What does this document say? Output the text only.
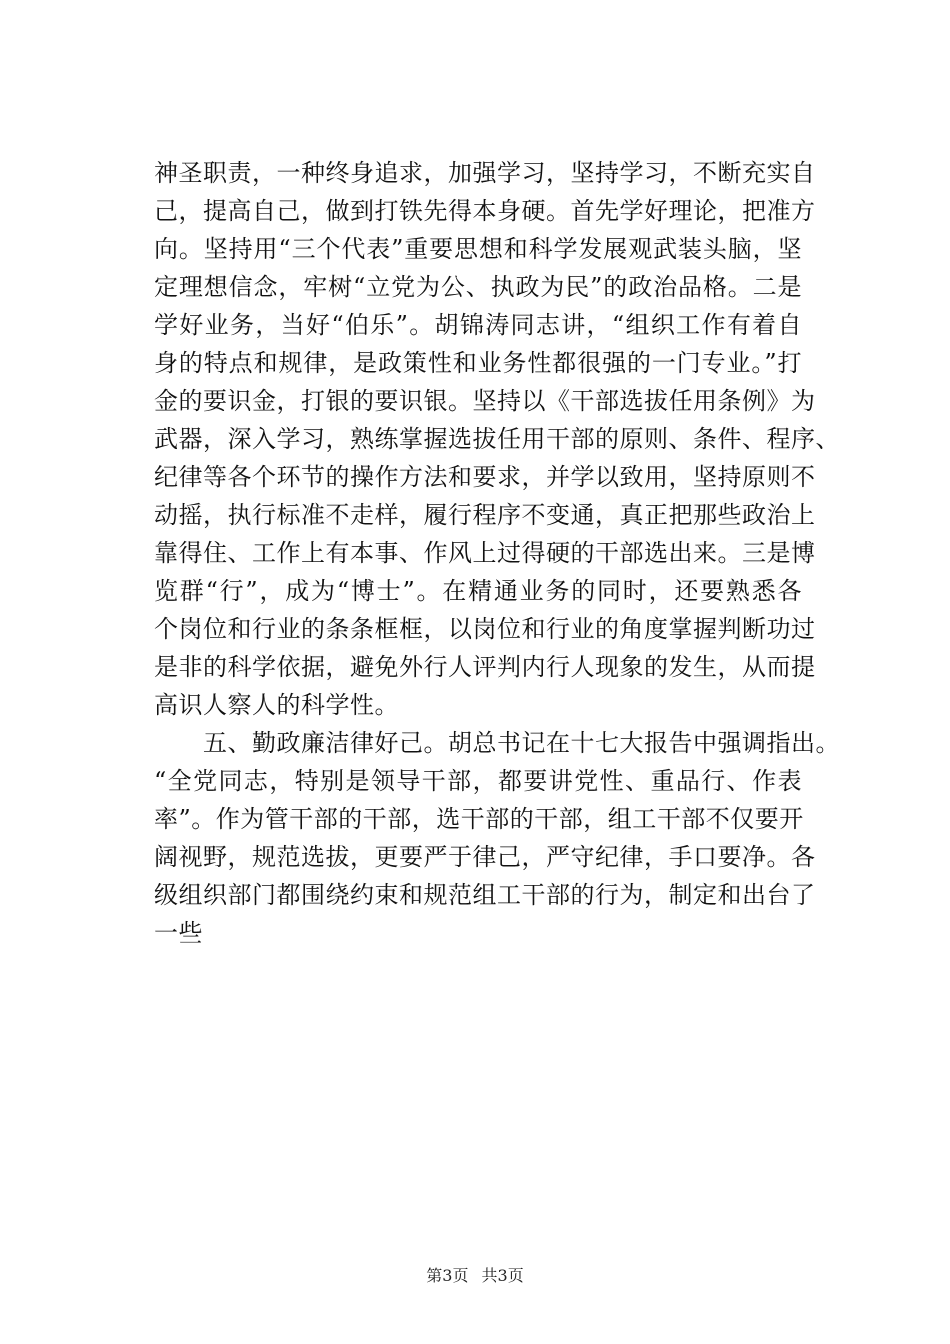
神圣职责，一种终身追求，加强学习，坚持学习，不断充实自
己，提高自己，做到打铁先得本身硬。首先学好理论，把准方
向。坚持用“三个代表”重要思想和科学发展观武装头脑，坚
定理想信念，牢树“立党为公、执政为民”的政治品格。二是
学好业务，当好“伯乐”。胡锦涛同志讲，“组织工作有着自
身的特点和规律，是政策性和业务性都很强的一门专业。”打
金的要识金，打银的要识银。坚持以《干部选拔任用条例》为
武器，深入学习，熟练掌握选拔任用干部的原则、条件、程序、
纪律等各个环节的操作方法和要求，并学以致用，坚持原则不
动摇，执行标准不走样，履行程序不变通，真正把那些政治上
靠得住、工作上有本事、作风上过得硬的干部选出来。三是博
览群“行”，成为“博士”。在精通业务的同时，还要熟悉各
个岗位和行业的条条框框，以岗位和行业的角度掌握判断功过
是非的科学依据，避免外行人评判内行人现象的发生，从而提
高识人察人的科学性。
　　五、勤政廉洁律好己。胡总书记在十七大报告中强调指出。
“全党同志，特别是领导干部，都要讲党性、重品行、作表
率”。作为管干部的干部，选干部的干部，组工干部不仅要开
阔视野，规范选拔，更要严于律己，严守纪律，手口要净。各
级组织部门都围绕约束和规范组工干部的行为，制定和出台了
一些
第3页 共3页
